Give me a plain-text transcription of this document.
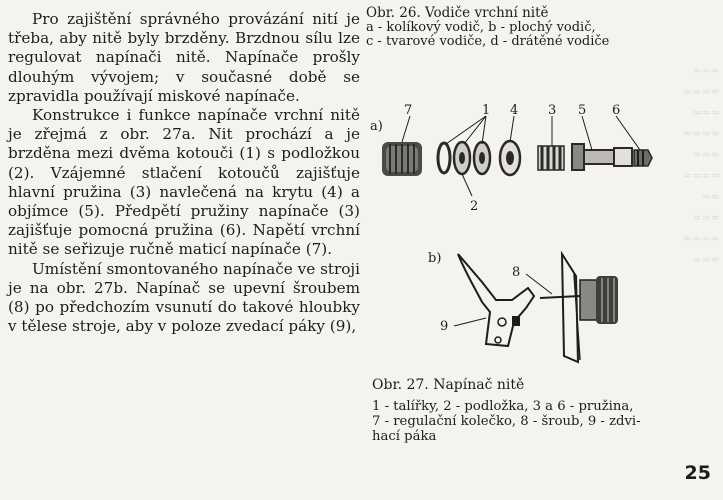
Pro zajištění správného provázání nití je třeba, aby nitě byly brzděny. Brzdnou sílu lze regulovat napínači nitě. Napínače prošly dlouhým vývojem; v současné době se zpravidla používají miskové napínače.

Konstrukce i funkce napínače vrchní nitě je zřejmá z obr. 27a. Nit prochází a je brzděna mezi dvěma kotouči (1) s podložkou (2). Vzájemné stlačení kotoučů zajišťuje hlavní pružina (3) navlečená na krytu (4) a objímce (5). Předpětí pružiny napínače (3) zajišťuje pomocná pružina (6). Napětí vrchní nitě se seřizuje ručně maticí napínače (7).

Umístění smontovaného napínače ve stroji je na obr. 27b. Napínač se upevní šroubem (8) po předchozím vsunutí do takové hloubky v tělese stroje, aby v poloze zvedací páky (9),

Obr. 26. Vodiče vrchní nitě
a - kolíkový vodič, b - plochý vodič,
c - tvarové vodiče, d - drátěné vodiče

≈≈≈
≈≈≈≈
≈≈≈
≈≈≈≈
≈≈≈
≈≈≈≈
≈≈
≈≈≈
≈≈≈≈
≈≈≈
a)
7	1 4 3 5 6
2
b)
8
9
Obr. 27. Napínač nitě
1 - talířky, 2 - podložka, 3 a 6 - pružina,
7 - regulační kolečko, 8 - šroub, 9 - zdvi-
hací páka
25
